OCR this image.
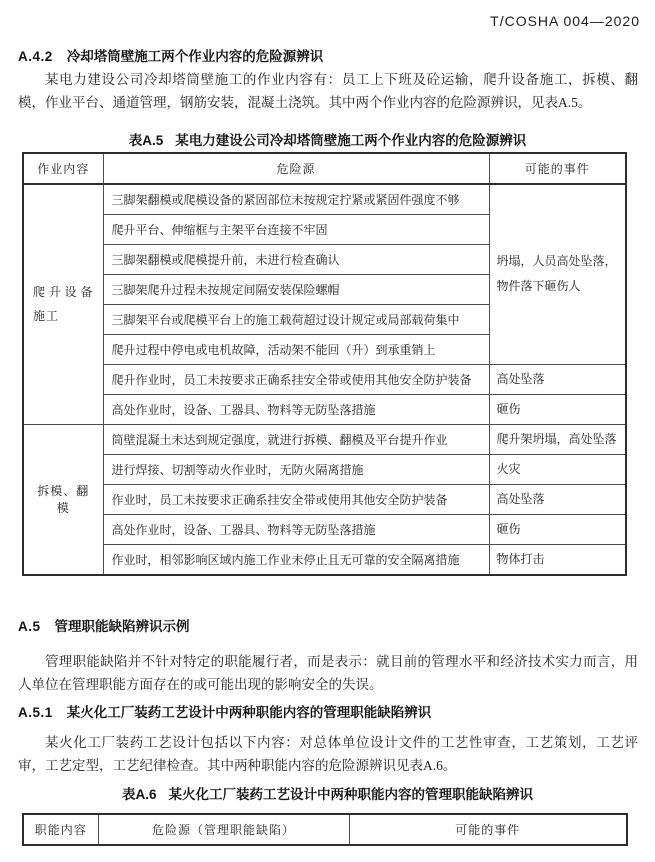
T/COSHA 004—2020
A.4.2 冷却塔筒壁施工两个作业内容的危险源辨识
某电力建设公司冷却塔筒壁施工的作业内容有：员工上下班及砼运输，爬升设备施工，拆模、翻模，作业平台、通道管理，钢筋安装，混凝土浇筑。其中两个作业内容的危险源辨识，见表A.5。
表A.5 某电力建设公司冷却塔筒壁施工两个作业内容的危险源辨识
作业内容	危险源	可能的事件
爬升设备施工	三脚架翻模或爬模设备的紧固部位未按规定拧紧或紧固件强度不够	坍塌，人员高处坠落，物件落下砸伤人
	爬升平台、伸缩框与主架平台连接不牢固	
	三脚架翻模或爬模提升前，未进行检查确认	
	三脚架爬升过程未按规定间隔安装保险螺帽	
	三脚架平台或爬模平台上的施工载荷超过设计规定或局部载荷集中	
	爬升过程中停电或电机故障，活动架不能回（升）到承重销上	
	爬升作业时，员工未按要求正确系挂安全带或使用其他安全防护装备	高处坠落
	高处作业时，设备、工器具、物料等无防坠落措施	砸伤
拆模、翻模	筒壁混凝土未达到规定强度，就进行拆模、翻模及平台提升作业	爬升架坍塌，高处坠落
	进行焊接、切割等动火作业时，无防火隔离措施	火灾
	作业时，员工未按要求正确系挂安全带或使用其他安全防护装备	高处坠落
	高处作业时，设备、工器具、物料等无防坠落措施	砸伤
	作业时，相邻影响区域内施工作业未停止且无可靠的安全隔离措施	物体打击
A.5 管理职能缺陷辨识示例
管理职能缺陷并不针对特定的职能履行者，而是表示：就目前的管理水平和经济技术实力而言，用人单位在管理职能方面存在的或可能出现的影响安全的失误。
A.5.1 某火化工厂装药工艺设计中两种职能内容的管理职能缺陷辨识
某火化工厂装药工艺设计包括以下内容：对总体单位设计文件的工艺性审查，工艺策划，工艺评审，工艺定型，工艺纪律检查。其中两种职能内容的危险源辨识见表A.6。
表A.6 某火化工厂装药工艺设计中两种职能内容的管理职能缺陷辨识
职能内容	危险源（管理职能缺陷）	可能的事件
